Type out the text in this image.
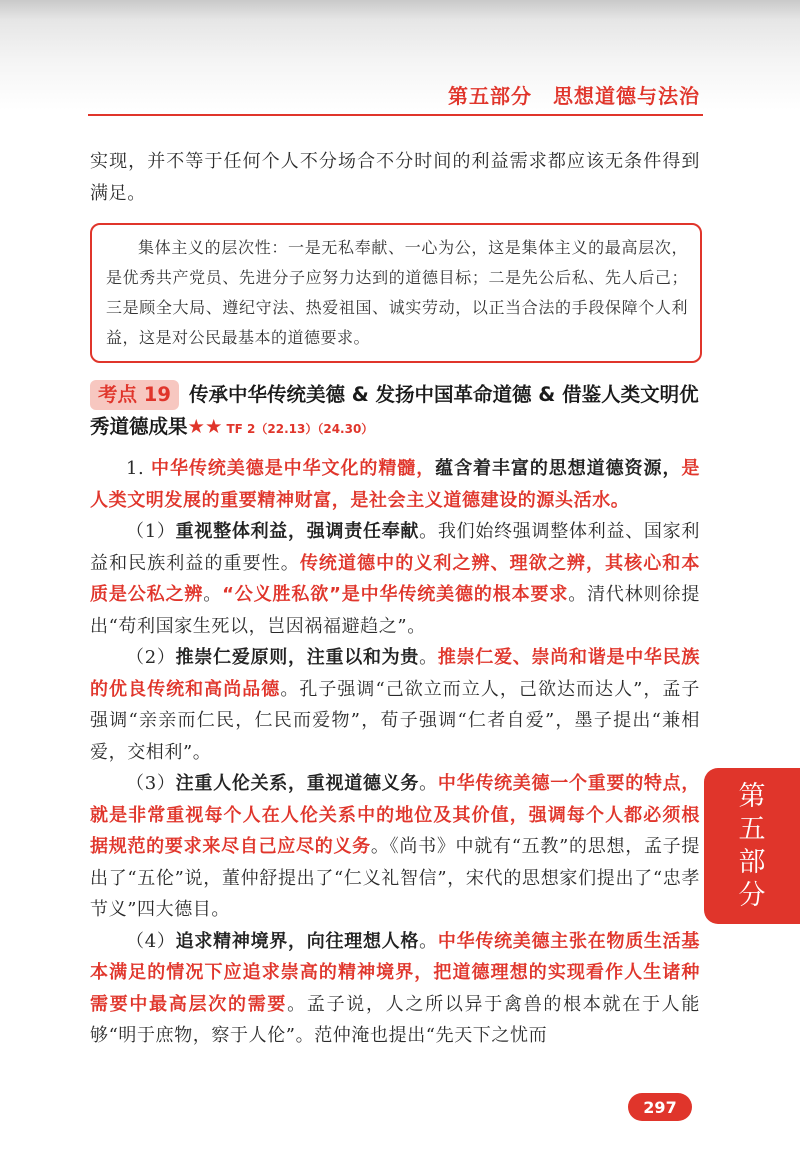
第五部分　思想道德与法治

实现，并不等于任何个人不分场合不分时间的利益需求都应该无条件得到满足。

集体主义的层次性：一是无私奉献、一心为公，这是集体主义的最高层次，是优秀共产党员、先进分子应努力达到的道德目标；二是先公后私、先人后己；三是顾全大局、遵纪守法、热爱祖国、诚实劳动，以正当合法的手段保障个人利益，这是对公民最基本的道德要求。

考点 19 传承中华传统美德 & 发扬中国革命道德 & 借鉴人类文明优秀道德成果★★ TF 2（22.13）（24.30）

1. 中华传统美德是中华文化的精髓，蕴含着丰富的思想道德资源，是人类文明发展的重要精神财富，是社会主义道德建设的源头活水。

（1）重视整体利益，强调责任奉献。我们始终强调整体利益、国家利益和民族利益的重要性。传统道德中的义利之辨、理欲之辨，其核心和本质是公私之辨。“公义胜私欲”是中华传统美德的根本要求。清代林则徐提出“苟利国家生死以，岂因祸福避趋之”。

（2）推崇仁爱原则，注重以和为贵。推崇仁爱、崇尚和谐是中华民族的优良传统和高尚品德。孔子强调“己欲立而立人，己欲达而达人”，孟子强调“亲亲而仁民，仁民而爱物”，荀子强调“仁者自爱”，墨子提出“兼相爱，交相利”。

（3）注重人伦关系，重视道德义务。中华传统美德一个重要的特点，就是非常重视每个人在人伦关系中的地位及其价值，强调每个人都必须根据规范的要求来尽自己应尽的义务。《尚书》中就有“五教”的思想，孟子提出了“五伦”说，董仲舒提出了“仁义礼智信”，宋代的思想家们提出了“忠孝节义”四大德目。

（4）追求精神境界，向往理想人格。中华传统美德主张在物质生活基本满足的情况下应追求崇高的精神境界，把道德理想的实现看作人生诸种需要中最高层次的需要。孟子说，人之所以异于禽兽的根本就在于人能够“明于庶物，察于人伦”。范仲淹也提出“先天下之忧而

第五部分
297
